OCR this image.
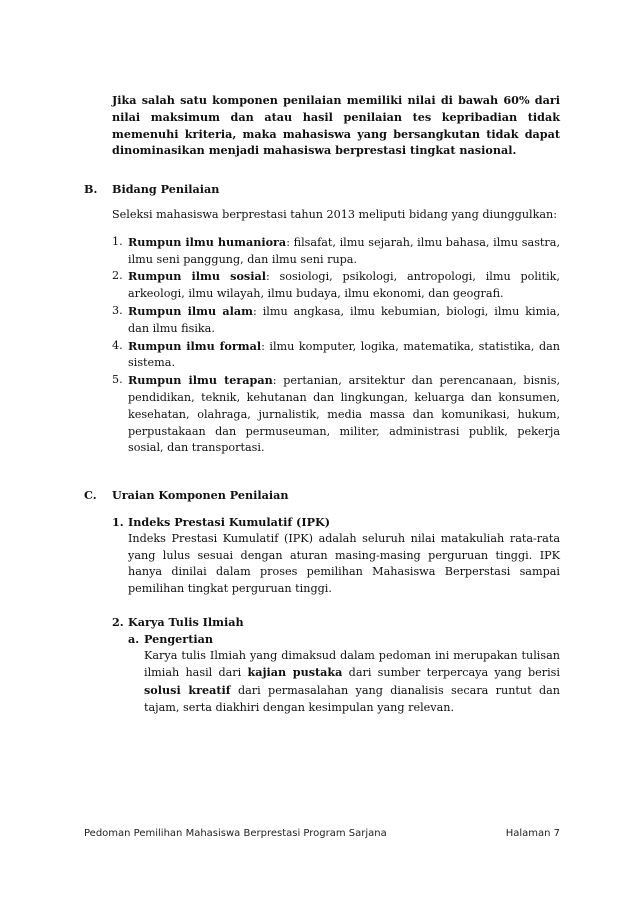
Jika salah satu komponen penilaian memiliki nilai di bawah 60% dari nilai maksimum dan atau hasil penilaian tes kepribadian tidak memenuhi kriteria, maka mahasiswa yang bersangkutan tidak dapat dinominasikan menjadi mahasiswa berprestasi tingkat nasional.

B.	Bidang Penilaian

Seleksi mahasiswa berprestasi tahun 2013 meliputi bidang yang diunggulkan:

1. Rumpun ilmu humaniora: filsafat, ilmu sejarah, ilmu bahasa, ilmu sastra, ilmu seni panggung, dan ilmu seni rupa.
2. Rumpun ilmu sosial: sosiologi, psikologi, antropologi, ilmu politik, arkeologi, ilmu wilayah, ilmu budaya, ilmu ekonomi, dan geografi.
3. Rumpun ilmu alam: ilmu angkasa, ilmu kebumian, biologi, ilmu kimia, dan ilmu fisika.
4. Rumpun ilmu formal: ilmu komputer, logika, matematika, statistika, dan sistema.
5. Rumpun ilmu terapan: pertanian, arsitektur dan perencanaan, bisnis, pendidikan, teknik, kehutanan dan lingkungan, keluarga dan konsumen, kesehatan, olahraga, jurnalistik, media massa dan komunikasi, hukum, perpustakaan dan permuseuman, militer, administrasi publik, pekerja sosial, dan transportasi.
C.	Uraian Komponen Penilaian
1. Indeks Prestasi Kumulatif (IPK)

Indeks Prestasi Kumulatif (IPK) adalah seluruh nilai matakuliah rata-rata yang lulus sesuai dengan aturan masing-masing perguruan tinggi. IPK hanya dinilai dalam proses pemilihan Mahasiswa Berperstasi sampai pemilihan tingkat perguruan tinggi.

2. Karya Tulis Ilmiah
a. Pengertian

Karya tulis Ilmiah yang dimaksud dalam pedoman ini merupakan tulisan ilmiah hasil dari kajian pustaka dari sumber terpercaya yang berisi solusi kreatif dari permasalahan yang dianalisis secara runtut dan tajam, serta diakhiri dengan kesimpulan yang relevan.

Pedoman Pemilihan Mahasiswa Berprestasi Program Sarjana	Halaman 7
